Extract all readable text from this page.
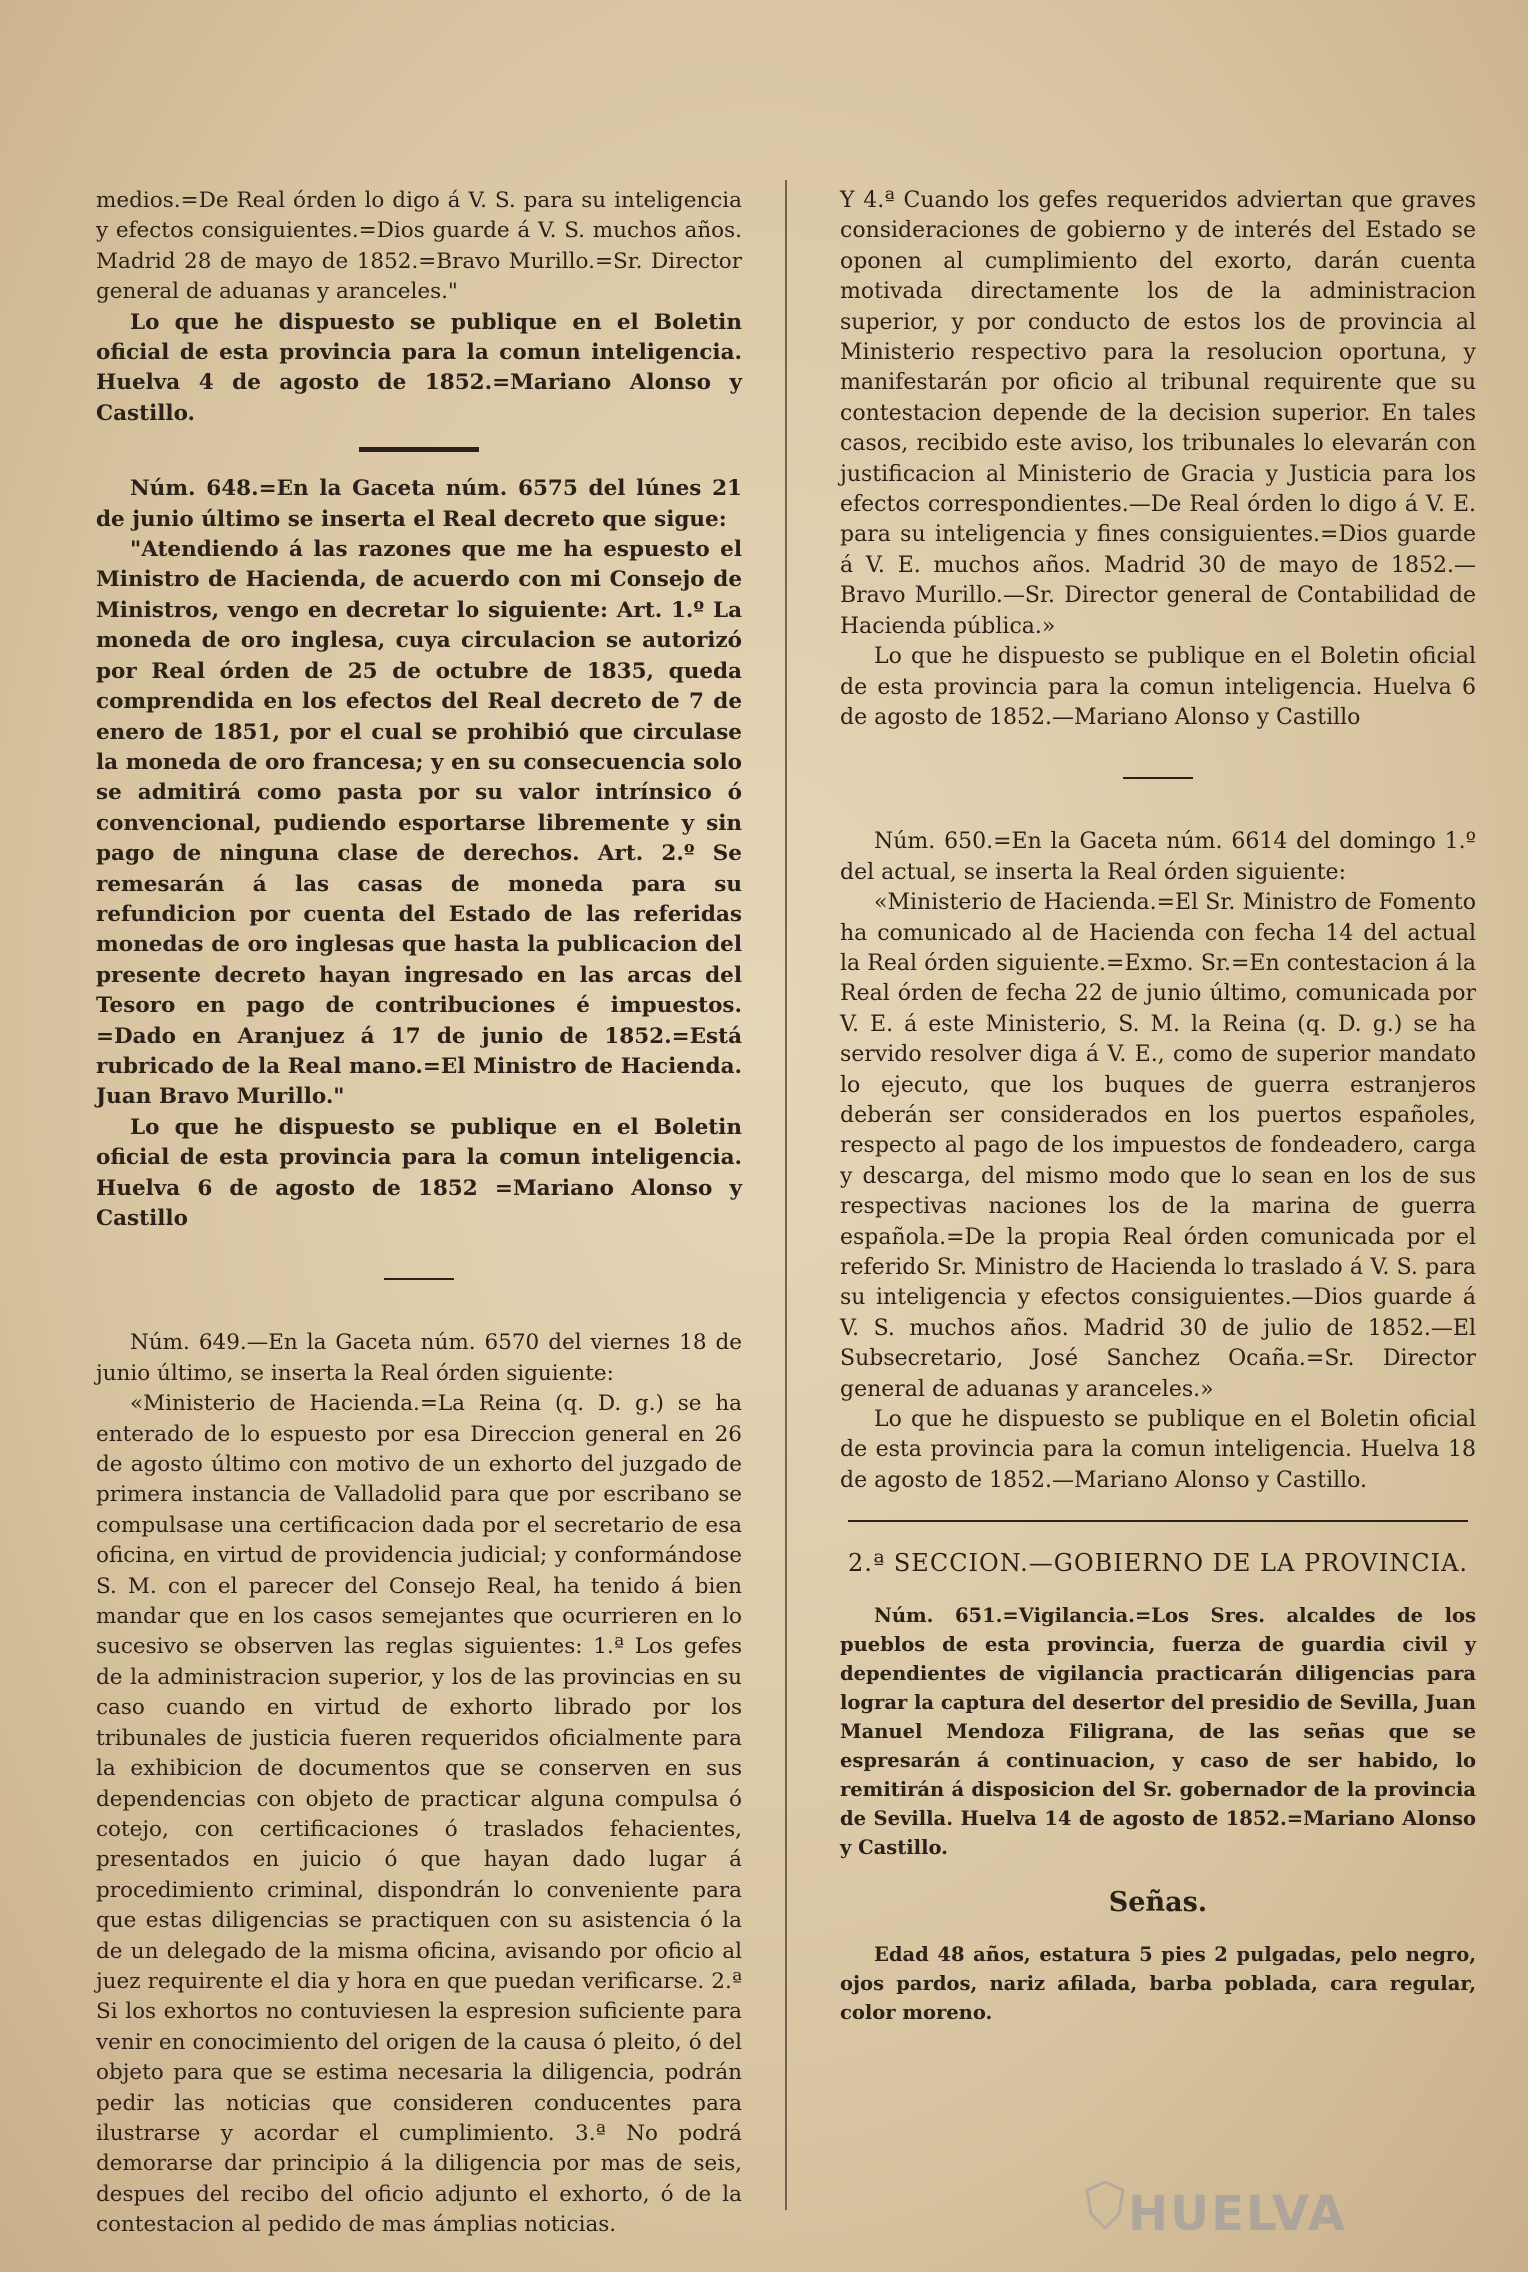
medios.=De Real órden lo digo á V. S. para su inteligencia y efectos consiguientes.=Dios guarde á V. S. muchos años. Madrid 28 de mayo de 1852.=Bravo Murillo.=Sr. Director general de aduanas y aranceles."

Lo que he dispuesto se publique en el Boletin oficial de esta provincia para la comun inteligencia. Huelva 4 de agosto de 1852.=Mariano Alonso y Castillo.

Núm. 648.=En la Gaceta núm. 6575 del lúnes 21 de junio último se inserta el Real decreto que sigue:

"Atendiendo á las razones que me ha espuesto el Ministro de Hacienda, de acuerdo con mi Consejo de Ministros, vengo en decretar lo siguiente: Art. 1.º La moneda de oro inglesa, cuya circulacion se autorizó por Real órden de 25 de octubre de 1835, queda comprendida en los efectos del Real decreto de 7 de enero de 1851, por el cual se prohibió que circulase la moneda de oro francesa; y en su consecuencia solo se admitirá como pasta por su valor intrínsico ó convencional, pudiendo esportarse libremente y sin pago de ninguna clase de derechos. Art. 2.º Se remesarán á las casas de moneda para su refundicion por cuenta del Estado de las referidas monedas de oro inglesas que hasta la publicacion del presente decreto hayan ingresado en las arcas del Tesoro en pago de contribuciones é impuestos. =Dado en Aranjuez á 17 de junio de 1852.=Está rubricado de la Real mano.=El Ministro de Hacienda. Juan Bravo Murillo."

Lo que he dispuesto se publique en el Boletin oficial de esta provincia para la comun inteligencia. Huelva 6 de agosto de 1852 =Mariano Alonso y Castillo

Núm. 649.—En la Gaceta núm. 6570 del viernes 18 de junio último, se inserta la Real órden siguiente:

«Ministerio de Hacienda.=La Reina (q. D. g.) se ha enterado de lo espuesto por esa Direccion general en 26 de agosto último con motivo de un exhorto del juzgado de primera instancia de Valladolid para que por escribano se compulsase una certificacion dada por el secretario de esa oficina, en virtud de providencia judicial; y conformándose S. M. con el parecer del Consejo Real, ha tenido á bien mandar que en los casos semejantes que ocurrieren en lo sucesivo se observen las reglas siguientes: 1.ª Los gefes de la administracion superior, y los de las provincias en su caso cuando en virtud de exhorto librado por los tribunales de justicia fueren requeridos oficialmente para la exhibicion de documentos que se conserven en sus dependencias con objeto de practicar alguna compulsa ó cotejo, con certificaciones ó traslados fehacientes, presentados en juicio ó que hayan dado lugar á procedimiento criminal, dispondrán lo conveniente para que estas diligencias se practiquen con su asistencia ó la de un delegado de la misma oficina, avisando por oficio al juez requirente el dia y hora en que puedan verificarse. 2.ª Si los exhortos no contuviesen la espresion suficiente para venir en conocimiento del origen de la causa ó pleito, ó del objeto para que se estima necesaria la diligencia, podrán pedir las noticias que consideren conducentes para ilustrarse y acordar el cumplimiento. 3.ª No podrá demorarse dar principio á la diligencia por mas de seis, despues del recibo del oficio adjunto el exhorto, ó de la contestacion al pedido de mas ámplias noticias.

Y 4.ª Cuando los gefes requeridos adviertan que graves consideraciones de gobierno y de interés del Estado se oponen al cumplimiento del exorto, darán cuenta motivada directamente los de la administracion superior, y por conducto de estos los de provincia al Ministerio respectivo para la resolucion oportuna, y manifestarán por oficio al tribunal requirente que su contestacion depende de la decision superior. En tales casos, recibido este aviso, los tribunales lo elevarán con justificacion al Ministerio de Gracia y Justicia para los efectos correspondientes.—De Real órden lo digo á V. E. para su inteligencia y fines consiguientes.=Dios guarde á V. E. muchos años. Madrid 30 de mayo de 1852.—Bravo Murillo.—Sr. Director general de Contabilidad de Hacienda pública.»

Lo que he dispuesto se publique en el Boletin oficial de esta provincia para la comun inteligencia. Huelva 6 de agosto de 1852.—Mariano Alonso y Castillo

Núm. 650.=En la Gaceta núm. 6614 del domingo 1.º del actual, se inserta la Real órden siguiente:

«Ministerio de Hacienda.=El Sr. Ministro de Fomento ha comunicado al de Hacienda con fecha 14 del actual la Real órden siguiente.=Exmo. Sr.=En contestacion á la Real órden de fecha 22 de junio último, comunicada por V. E. á este Ministerio, S. M. la Reina (q. D. g.) se ha servido resolver diga á V. E., como de superior mandato lo ejecuto, que los buques de guerra estranjeros deberán ser considerados en los puertos españoles, respecto al pago de los impuestos de fondeadero, carga y descarga, del mismo modo que lo sean en los de sus respectivas naciones los de la marina de guerra española.=De la propia Real órden comunicada por el referido Sr. Ministro de Hacienda lo traslado á V. S. para su inteligencia y efectos consiguientes.—Dios guarde á V. S. muchos años. Madrid 30 de julio de 1852.—El Subsecretario, José Sanchez Ocaña.=Sr. Director general de aduanas y aranceles.»

Lo que he dispuesto se publique en el Boletin oficial de esta provincia para la comun inteligencia. Huelva 18 de agosto de 1852.—Mariano Alonso y Castillo.

2.ª SECCION.—GOBIERNO DE LA PROVINCIA.

Núm. 651.=Vigilancia.=Los Sres. alcaldes de los pueblos de esta provincia, fuerza de guardia civil y dependientes de vigilancia practicarán diligencias para lograr la captura del desertor del presidio de Sevilla, Juan Manuel Mendoza Filigrana, de las señas que se espresarán á continuacion, y caso de ser habido, lo remitirán á disposicion del Sr. gobernador de la provincia de Sevilla. Huelva 14 de agosto de 1852.=Mariano Alonso y Castillo.

Señas.

Edad 48 años, estatura 5 pies 2 pulgadas, pelo negro, ojos pardos, nariz afilada, barba poblada, cara regular, color moreno.

HUELVA
